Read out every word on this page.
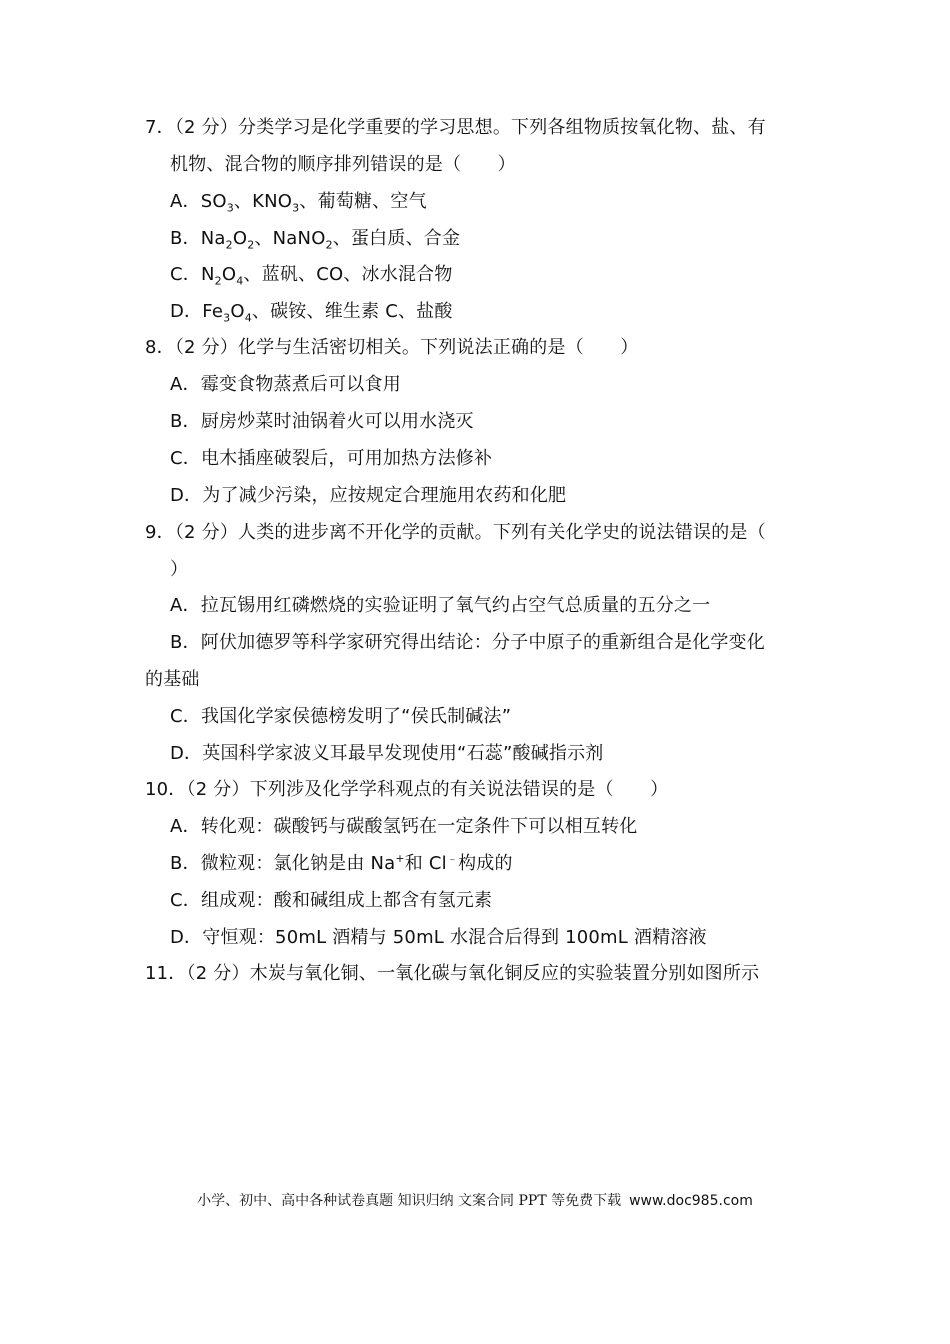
7．（2 分）分类学习是化学重要的学习思想。下列各组物质按氧化物、盐、有
机物、混合物的顺序排列错误的是（　　）
A．$SO_3$、$KNO_3$、葡萄糖、空气
B．$Na_2O_2$、NaNO$_2$、蛋白质、合金
C．$N_2O_4$、蓝矾、CO、冰水混合物
D．$Fe_3O_4$、碳铵、维生素 C、盐酸
8．（2 分）化学与生活密切相关。下列说法正确的是（　　）
A．霉变食物蒸煮后可以食用
B．厨房炒菜时油锅着火可以用水浇灭
C．电木插座破裂后，可用加热方法修补
D．为了减少污染，应按规定合理施用农药和化肥
9．（2 分）人类的进步离不开化学的贡献。下列有关化学史的说法错误的是（
）
A．拉瓦锡用红磷燃烧的实验证明了氧气约占空气总质量的五分之一
B．阿伏加德罗等科学家研究得出结论：分子中原子的重新组合是化学变化
的基础
C．我国化学家侯德榜发明了“侯氏制碱法”
D．英国科学家波义耳最早发现使用“石蕊”酸碱指示剂
10．（2 分）下列涉及化学学科观点的有关说法错误的是（　　）
A．转化观：碳酸钙与碳酸氢钙在一定条件下可以相互转化
B．微粒观：氯化钠是由 Na+和 Cl﹣构成的
C．组成观：酸和碱组成上都含有氢元素
D．守恒观：50mL 酒精与 50mL 水混合后得到 100mL 酒精溶液
11．（2 分）木炭与氧化铜、一氧化碳与氧化铜反应的实验装置分别如图所示
小学、初中、高中各种试卷真题 知识归纳 文案合同 PPT 等免费下载 www.doc985.com
